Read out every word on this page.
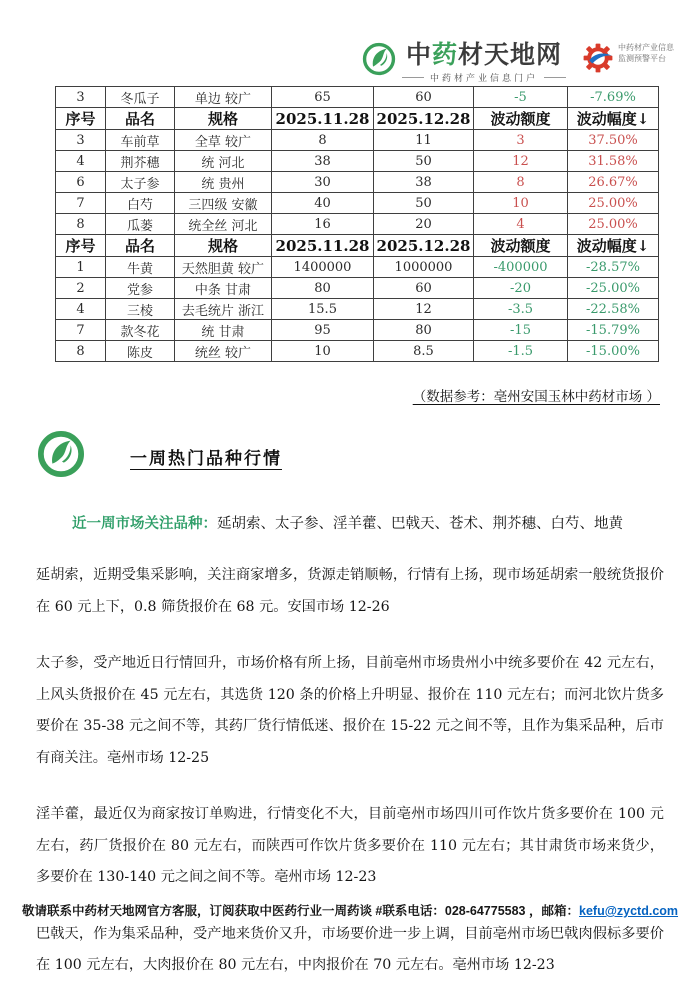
中药材天地网
中药材产业信息门户
中药材产业信息监测预警平台
3	冬瓜子	单边 较广	65	60	-5	-7.69%
序号	品名	规格	2025.11.28	2025.12.28	波动额度	波动幅度↓
3	车前草	全草 较广	8	11	3	37.50%
4	荆芥穗	统 河北	38	50	12	31.58%
6	太子参	统 贵州	30	38	8	26.67%
7	白芍	三四级 安徽	40	50	10	25.00%
8	瓜蒌	统全丝 河北	16	20	4	25.00%
序号	品名	规格	2025.11.28	2025.12.28	波动额度	波动幅度↓
1	牛黄	天然胆黄 较广	1400000	1000000	-400000	-28.57%
2	党参	中条 甘肃	80	60	-20	-25.00%
4	三棱	去毛统片 浙江	15.5	12	-3.5	-22.58%
7	款冬花	统 甘肃	95	80	-15	-15.79%
8	陈皮	统丝 较广	10	8.5	-1.5	-15.00%
（数据参考：亳州安国玉林中药材市场 ）
一周热门品种行情

近一周市场关注品种：延胡索、太子参、淫羊藿、巴戟天、苍术、荆芥穗、白芍、地黄

延胡索，近期受集采影响，关注商家增多，货源走销顺畅，行情有上扬，现市场延胡索一般统货报价在 60 元上下，0.8 筛货报价在 68 元。安国市场 12-26

太子参，受产地近日行情回升，市场价格有所上扬，目前亳州市场贵州小中统多要价在 42 元左右，上风头货报价在 45 元左右，其选货 120 条的价格上升明显、报价在 110 元左右；而河北饮片货多要价在 35-38 元之间不等，其药厂货行情低迷、报价在 15-22 元之间不等，且作为集采品种，后市有商关注。亳州市场 12-25

淫羊藿，最近仅为商家按订单购进，行情变化不大，目前亳州市场四川可作饮片货多要价在 100 元左右，药厂货报价在 80 元左右，而陕西可作饮片货多要价在 110 元左右；其甘肃货市场来货少，多要价在 130-140 元之间之间不等。亳州市场 12-23

巴戟天，作为集采品种，受产地来货价又升，市场要价进一步上调，目前亳州市场巴戟肉假标多要价在 100 元左右，大肉报价在 80 元左右，中肉报价在 70 元左右。亳州市场 12-23

敬请联系中药材天地网官方客服，订阅获取中医药行业一周药谈 #联系电话：028-64775583 ，邮箱：kefu@zyctd.com
